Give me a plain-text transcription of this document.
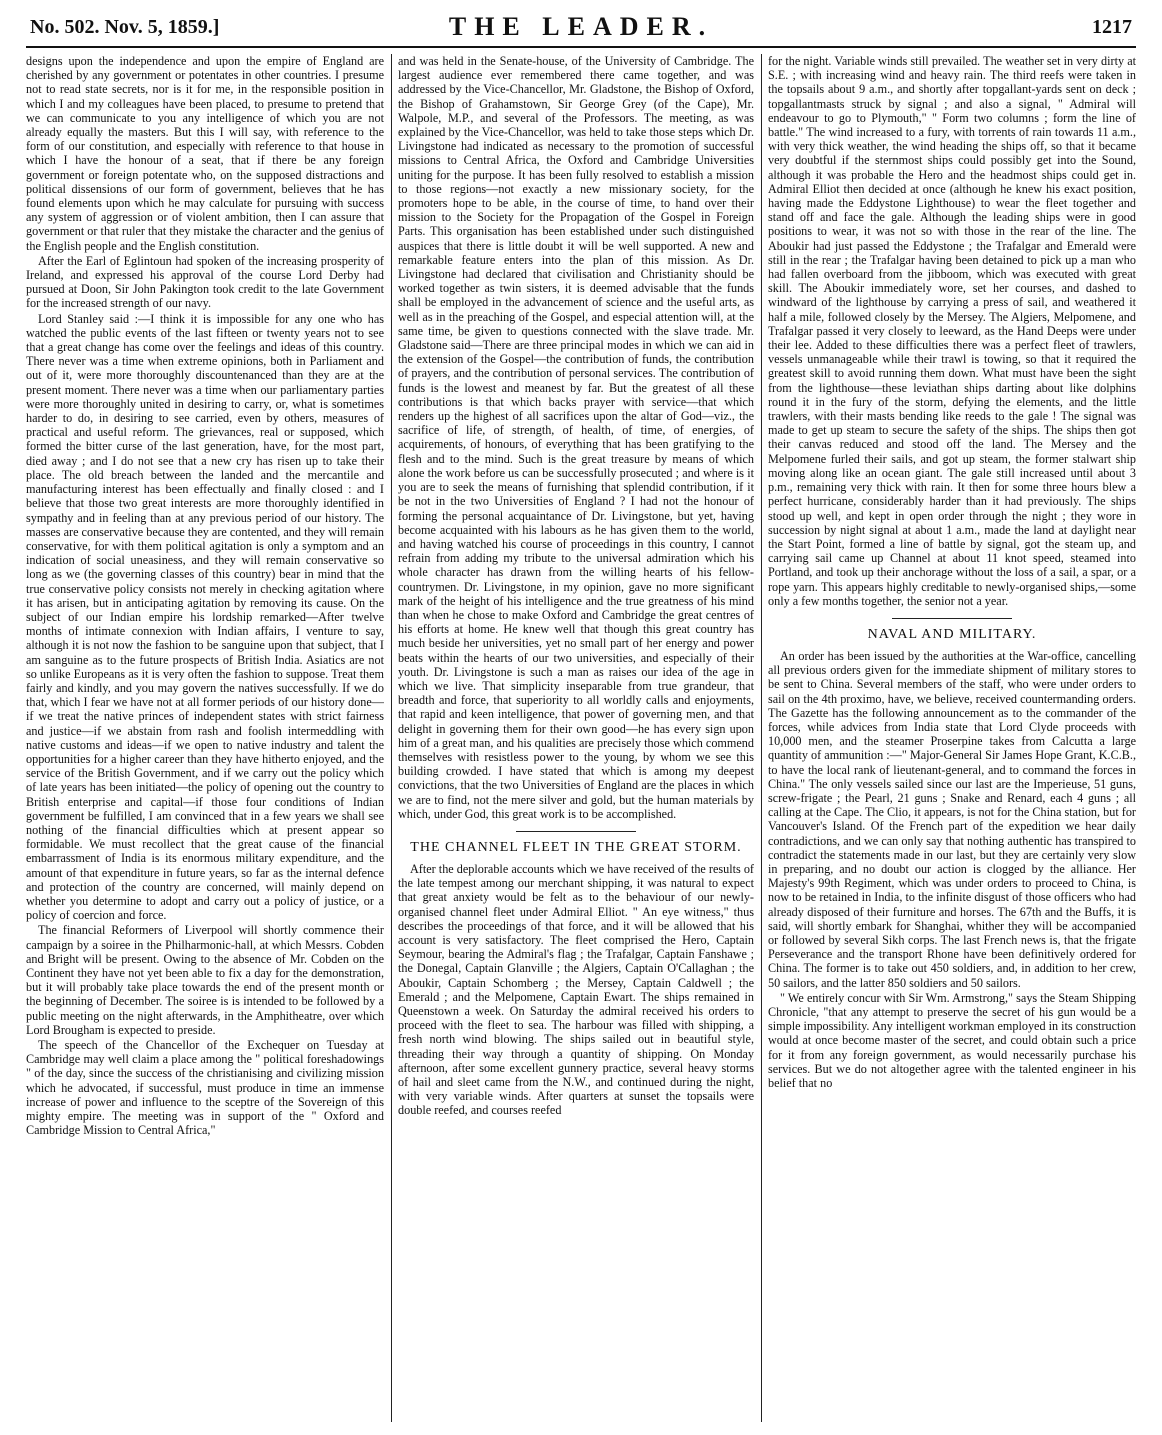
No. 502. Nov. 5, 1859.]	THE LEADER.	1217

designs upon the independence and upon the empire of England are cherished by any government or potentates in other countries. I presume not to read state secrets, nor is it for me, in the responsible position in which I and my colleagues have been placed, to presume to pretend that we can communicate to you any intelligence of which you are not already equally the masters. But this I will say, with reference to the form of our constitution, and especially with reference to that house in which I have the honour of a seat, that if there be any foreign government or foreign potentate who, on the supposed distractions and political dissensions of our form of government, believes that he has found elements upon which he may calculate for pursuing with success any system of aggression or of violent ambition, then I can assure that government or that ruler that they mistake the character and the genius of the English people and the English constitution.

After the Earl of Eglintoun had spoken of the increasing prosperity of Ireland, and expressed his approval of the course Lord Derby had pursued at Doon, Sir John Pakington took credit to the late Government for the increased strength of our navy.

Lord Stanley said :—I think it is impossible for any one who has watched the public events of the last fifteen or twenty years not to see that a great change has come over the feelings and ideas of this country. There never was a time when extreme opinions, both in Parliament and out of it, were more thoroughly discountenanced than they are at the present moment. There never was a time when our parliamentary parties were more thoroughly united in desiring to carry, or, what is sometimes harder to do, in desiring to see carried, even by others, measures of practical and useful reform. The grievances, real or supposed, which formed the bitter curse of the last generation, have, for the most part, died away ; and I do not see that a new cry has risen up to take their place. The old breach between the landed and the mercantile and manufacturing interest has been effectually and finally closed : and I believe that those two great interests are more thoroughly identified in sympathy and in feeling than at any previous period of our history. The masses are conservative because they are contented, and they will remain conservative, for with them political agitation is only a symptom and an indication of social uneasiness, and they will remain conservative so long as we (the governing classes of this country) bear in mind that the true conservative policy consists not merely in checking agitation where it has arisen, but in anticipating agitation by removing its cause. On the subject of our Indian empire his lordship remarked—After twelve months of intimate connexion with Indian affairs, I venture to say, although it is not now the fashion to be sanguine upon that subject, that I am sanguine as to the future prospects of British India. Asiatics are not so unlike Europeans as it is very often the fashion to suppose. Treat them fairly and kindly, and you may govern the natives successfully. If we do that, which I fear we have not at all former periods of our history done—if we treat the native princes of independent states with strict fairness and justice—if we abstain from rash and foolish intermeddling with native customs and ideas—if we open to native industry and talent the opportunities for a higher career than they have hitherto enjoyed, and the service of the British Government, and if we carry out the policy which of late years has been initiated—the policy of opening out the country to British enterprise and capital—if those four conditions of Indian government be fulfilled, I am convinced that in a few years we shall see nothing of the financial difficulties which at present appear so formidable. We must recollect that the great cause of the financial embarrassment of India is its enormous military expenditure, and the amount of that expenditure in future years, so far as the internal defence and protection of the country are concerned, will mainly depend on whether you determine to adopt and carry out a policy of justice, or a policy of coercion and force.

The financial Reformers of Liverpool will shortly commence their campaign by a soiree in the Philharmonic-hall, at which Messrs. Cobden and Bright will be present. Owing to the absence of Mr. Cobden on the Continent they have not yet been able to fix a day for the demonstration, but it will probably take place towards the end of the present month or the beginning of December. The soiree is is intended to be followed by a public meeting on the night afterwards, in the Amphitheatre, over which Lord Brougham is expected to preside.

The speech of the Chancellor of the Exchequer on Tuesday at Cambridge may well claim a place among the " political foreshadowings " of the day, since the success of the christianising and civilizing mission which he advocated, if successful, must produce in time an immense increase of power and influence to the sceptre of the Sovereign of this mighty empire. The meeting was in support of the " Oxford and Cambridge Mission to Central Africa,"

and was held in the Senate-house, of the University of Cambridge. The largest audience ever remembered there came together, and was addressed by the Vice-Chancellor, Mr. Gladstone, the Bishop of Oxford, the Bishop of Grahamstown, Sir George Grey (of the Cape), Mr. Walpole, M.P., and several of the Professors. The meeting, as was explained by the Vice-Chancellor, was held to take those steps which Dr. Livingstone had indicated as necessary to the promotion of successful missions to Central Africa, the Oxford and Cambridge Universities uniting for the purpose. It has been fully resolved to establish a mission to those regions—not exactly a new missionary society, for the promoters hope to be able, in the course of time, to hand over their mission to the Society for the Propagation of the Gospel in Foreign Parts. This organisation has been established under such distinguished auspices that there is little doubt it will be well supported. A new and remarkable feature enters into the plan of this mission. As Dr. Livingstone had declared that civilisation and Christianity should be worked together as twin sisters, it is deemed advisable that the funds shall be employed in the advancement of science and the useful arts, as well as in the preaching of the Gospel, and especial attention will, at the same time, be given to questions connected with the slave trade. Mr. Gladstone said—There are three principal modes in which we can aid in the extension of the Gospel—the contribution of funds, the contribution of prayers, and the contribution of personal services. The contribution of funds is the lowest and meanest by far. But the greatest of all these contributions is that which backs prayer with service—that which renders up the highest of all sacrifices upon the altar of God—viz., the sacrifice of life, of strength, of health, of time, of energies, of acquirements, of honours, of everything that has been gratifying to the flesh and to the mind. Such is the great treasure by means of which alone the work before us can be successfully prosecuted ; and where is it you are to seek the means of furnishing that splendid contribution, if it be not in the two Universities of England ? I had not the honour of forming the personal acquaintance of Dr. Livingstone, but yet, having become acquainted with his labours as he has given them to the world, and having watched his course of proceedings in this country, I cannot refrain from adding my tribute to the universal admiration which his whole character has drawn from the willing hearts of his fellow-countrymen. Dr. Livingstone, in my opinion, gave no more significant mark of the height of his intelligence and the true greatness of his mind than when he chose to make Oxford and Cambridge the great centres of his efforts at home. He knew well that though this great country has much beside her universities, yet no small part of her energy and power beats within the hearts of our two universities, and especially of their youth. Dr. Livingstone is such a man as raises our idea of the age in which we live. That simplicity inseparable from true grandeur, that breadth and force, that superiority to all worldly calls and enjoyments, that rapid and keen intelligence, that power of governing men, and that delight in governing them for their own good—he has every sign upon him of a great man, and his qualities are precisely those which commend themselves with resistless power to the young, by whom we see this building crowded. I have stated that which is among my deepest convictions, that the two Universities of England are the places in which we are to find, not the mere silver and gold, but the human materials by which, under God, this great work is to be accomplished.

THE CHANNEL FLEET IN THE GREAT STORM.

After the deplorable accounts which we have received of the results of the late tempest among our merchant shipping, it was natural to expect that great anxiety would be felt as to the behaviour of our newly-organised channel fleet under Admiral Elliot. " An eye witness," thus describes the proceedings of that force, and it will be allowed that his account is very satisfactory. The fleet comprised the Hero, Captain Seymour, bearing the Admiral's flag ; the Trafalgar, Captain Fanshawe ; the Donegal, Captain Glanville ; the Algiers, Captain O'Callaghan ; the Aboukir, Captain Schomberg ; the Mersey, Captain Caldwell ; the Emerald ; and the Melpomene, Captain Ewart. The ships remained in Queenstown a week. On Saturday the admiral received his orders to proceed with the fleet to sea. The harbour was filled with shipping, a fresh north wind blowing. The ships sailed out in beautiful style, threading their way through a quantity of shipping. On Monday afternoon, after some excellent gunnery practice, several heavy storms of hail and sleet came from the N.W., and continued during the night, with very variable winds. After quarters at sunset the topsails were double reefed, and courses reefed

for the night. Variable winds still prevailed. The weather set in very dirty at S.E. ; with increasing wind and heavy rain. The third reefs were taken in the topsails about 9 a.m., and shortly after topgallant-yards sent on deck ; topgallantmasts struck by signal ; and also a signal, " Admiral will endeavour to go to Plymouth," " Form two columns ; form the line of battle." The wind increased to a fury, with torrents of rain towards 11 a.m., with very thick weather, the wind heading the ships off, so that it became very doubtful if the sternmost ships could possibly get into the Sound, although it was probable the Hero and the headmost ships could get in. Admiral Elliot then decided at once (although he knew his exact position, having made the Eddystone Lighthouse) to wear the fleet together and stand off and face the gale. Although the leading ships were in good positions to wear, it was not so with those in the rear of the line. The Aboukir had just passed the Eddystone ; the Trafalgar and Emerald were still in the rear ; the Trafalgar having been detained to pick up a man who had fallen overboard from the jibboom, which was executed with great skill. The Aboukir immediately wore, set her courses, and dashed to windward of the lighthouse by carrying a press of sail, and weathered it half a mile, followed closely by the Mersey. The Algiers, Melpomene, and Trafalgar passed it very closely to leeward, as the Hand Deeps were under their lee. Added to these difficulties there was a perfect fleet of trawlers, vessels unmanageable while their trawl is towing, so that it required the greatest skill to avoid running them down. What must have been the sight from the lighthouse—these leviathan ships darting about like dolphins round it in the fury of the storm, defying the elements, and the little trawlers, with their masts bending like reeds to the gale ! The signal was made to get up steam to secure the safety of the ships. The ships then got their canvas reduced and stood off the land. The Mersey and the Melpomene furled their sails, and got up steam, the former stalwart ship moving along like an ocean giant. The gale still increased until about 3 p.m., remaining very thick with rain. It then for some three hours blew a perfect hurricane, considerably harder than it had previously. The ships stood up well, and kept in open order through the night ; they wore in succession by night signal at about 1 a.m., made the land at daylight near the Start Point, formed a line of battle by signal, got the steam up, and carrying sail came up Channel at about 11 knot speed, steamed into Portland, and took up their anchorage without the loss of a sail, a spar, or a rope yarn. This appears highly creditable to newly-organised ships,—some only a few months together, the senior not a year.

NAVAL AND MILITARY.

An order has been issued by the authorities at the War-office, cancelling all previous orders given for the immediate shipment of military stores to be sent to China. Several members of the staff, who were under orders to sail on the 4th proximo, have, we believe, received countermanding orders. The Gazette has the following announcement as to the commander of the forces, while advices from India state that Lord Clyde proceeds with 10,000 men, and the steamer Proserpine takes from Calcutta a large quantity of ammunition :—" Major-General Sir James Hope Grant, K.C.B., to have the local rank of lieutenant-general, and to command the forces in China." The only vessels sailed since our last are the Imperieuse, 51 guns, screw-frigate ; the Pearl, 21 guns ; Snake and Renard, each 4 guns ; all calling at the Cape. The Clio, it appears, is not for the China station, but for Vancouver's Island. Of the French part of the expedition we hear daily contradictions, and we can only say that nothing authentic has transpired to contradict the statements made in our last, but they are certainly very slow in preparing, and no doubt our action is clogged by the alliance. Her Majesty's 99th Regiment, which was under orders to proceed to China, is now to be retained in India, to the infinite disgust of those officers who had already disposed of their furniture and horses. The 67th and the Buffs, it is said, will shortly embark for Shanghai, whither they will be accompanied or followed by several Sikh corps. The last French news is, that the frigate Perseverance and the transport Rhone have been definitively ordered for China. The former is to take out 450 soldiers, and, in addition to her crew, 50 sailors, and the latter 850 soldiers and 50 sailors.

" We entirely concur with Sir Wm. Armstrong," says the Steam Shipping Chronicle, "that any attempt to preserve the secret of his gun would be a simple impossibility. Any intelligent workman employed in its construction would at once become master of the secret, and could obtain such a price for it from any foreign government, as would necessarily purchase his services. But we do not altogether agree with the talented engineer in his belief that no
